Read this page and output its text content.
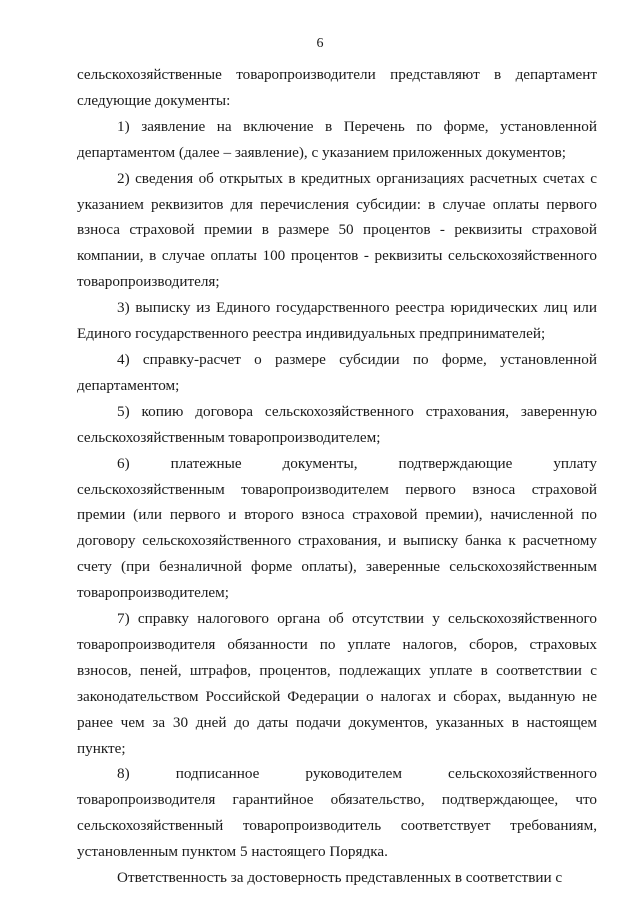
6

сельскохозяйственные товаропроизводители представляют в департамент следующие документы:

1) заявление на включение в Перечень по форме, установленной департаментом (далее – заявление), с указанием приложенных документов;

2) сведения об открытых в кредитных организациях расчетных счетах с указанием реквизитов для перечисления субсидии: в случае оплаты первого взноса страховой премии в размере 50 процентов - реквизиты страховой компании, в случае оплаты 100 процентов - реквизиты сельскохозяйственного товаропроизводителя;

3) выписку из Единого государственного реестра юридических лиц или Единого государственного реестра индивидуальных предпринимателей;

4) справку-расчет о размере субсидии по форме, установленной департаментом;

5) копию договора сельскохозяйственного страхования, заверенную сельскохозяйственным товаропроизводителем;

6) платежные документы, подтверждающие уплату сельскохозяйственным товаропроизводителем первого взноса страховой премии (или первого и второго взноса страховой премии), начисленной по договору сельскохозяйственного страхования, и выписку банка к расчетному счету (при безналичной форме оплаты), заверенные сельскохозяйственным товаропроизводителем;

7) справку налогового органа об отсутствии у сельскохозяйственного товаропроизводителя обязанности по уплате налогов, сборов, страховых взносов, пеней, штрафов, процентов, подлежащих уплате в соответствии с законодательством Российской Федерации о налогах и сборах, выданную не ранее чем за 30 дней до даты подачи документов, указанных в настоящем пункте;

8) подписанное руководителем сельскохозяйственного товаропроизводителя гарантийное обязательство, подтверждающее, что сельскохозяйственный товаропроизводитель соответствует требованиям, установленным пунктом 5 настоящего Порядка.

Ответственность за достоверность представленных в соответствии с
